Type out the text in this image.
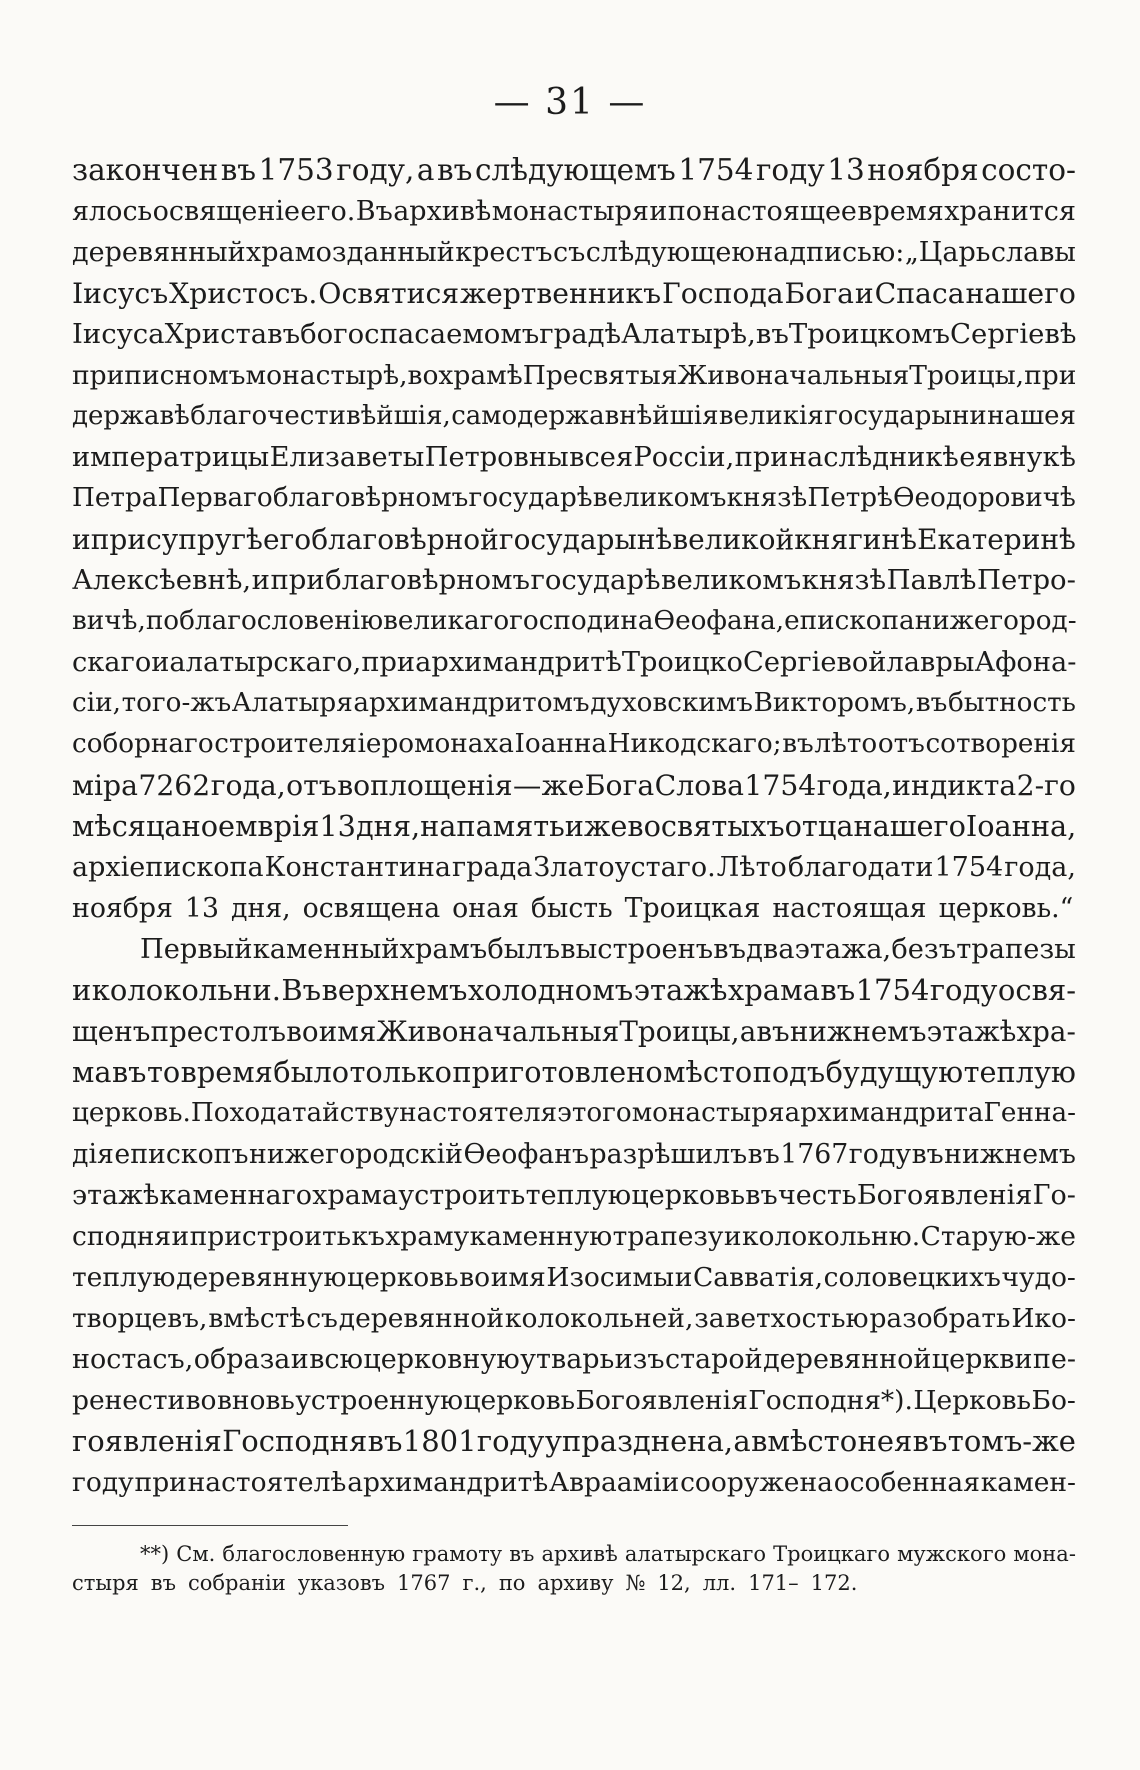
— 31 —
закончен въ 1753 году, а въ слѣдующемъ 1754 году 13 ноября состо-
ялось освященіе его. Въ архивѣ монастыря и по настоящее время хранится
деревянный храмозданный крестъ съ слѣдующею надписью: „Царь славы
Іисусъ Христосъ. Освятися жертвенникъ Господа Бога и Спаса нашего
Іисуса Христа въ богоспасаемомъ градѣ Алатырѣ, въ Троицкомъ Сергіевѣ
приписномъ монастырѣ, во храмѣ Пресвятыя Живоначальныя Троицы, при
державѣ благочестивѣйшія, самодержавнѣйшія великія государыни нашея
императрицы Елизаветы Петровны всея Россіи, при наслѣдникѣ ея внукѣ
Петра Перваго благовѣрномъ государѣ великомъ князѣ Петрѣ Ѳеодоровичѣ
и при супругѣ его благовѣрной государынѣ великой княгинѣ Екатеринѣ
Алексѣевнѣ, и при благовѣрномъ государѣ великомъ князѣ Павлѣ Петро-
вичѣ, по благословенію великаго господина Ѳеофана, епископа нижегород-
скаго и алатырскаго, при архимандритѣ Троицко Сергіевой лавры Афона-
сіи, того-жъ Алатыря архимандритомъ духовскимъ Викторомъ, въ бытность
соборнаго строителя іеромонаха Іоанна Никодскаго; въ лѣто отъ сотворенія
міра 7262 года, отъ воплощенія — же Бога Слова 1754 года, индикта 2-го
мѣсяца ноемврія 13 дня, на память иже во святыхъ отца нашего Іоанна,
архіепископа Константина града Златоустаго. Лѣто благодати 1754 года,
ноября 13 дня, освящена оная бысть Троицкая настоящая церковь.“
Первый каменный храмъ былъ выстроенъ въ два этажа, безъ трапезы
и колокольни. Въ верхнемъ холодномъ этажѣ храма въ 1754 году освя-
щенъ престолъ во имя Живоначальныя Троицы, а въ нижнемъ этажѣ хра-
ма въ то время было только приготовлено мѣсто подъ будущую теплую
церковь. По ходатайству настоятеля этого монастыря архимандрита Генна-
дія епископъ нижегородскій Ѳеофанъ разрѣшилъ въ 1767 году въ нижнемъ
этажѣ каменнаго храма устроить теплую церковь въ честь Богоявленія Го-
сподня и пристроить къ храму каменную трапезу и колокольню. Старую-же
теплую деревянную церковь во имя Изосимы и Савватія, соловецкихъ чудо-
творцевъ, вмѣстѣ съ деревянной колокольней, за ветхостью разобрать Ико-
ностасъ, образа и всю церковную утварь изъ старой деревянной церкви пе-
ренести во вновь устроенную церковь Богоявленія Господня*). Церковь Бо-
гоявленія Господня въ 1801 году упразднена, а вмѣсто нея въ томъ-же
году при настоятелѣ архимандритѣ Авраамiи сооружена особенная камен-
**) См. благословенную грамоту въ архивѣ алатырскаго Троицкаго мужского мона-
стыря въ собраніи указовъ 1767 г., по архиву № 12, лл. 171– 172.
